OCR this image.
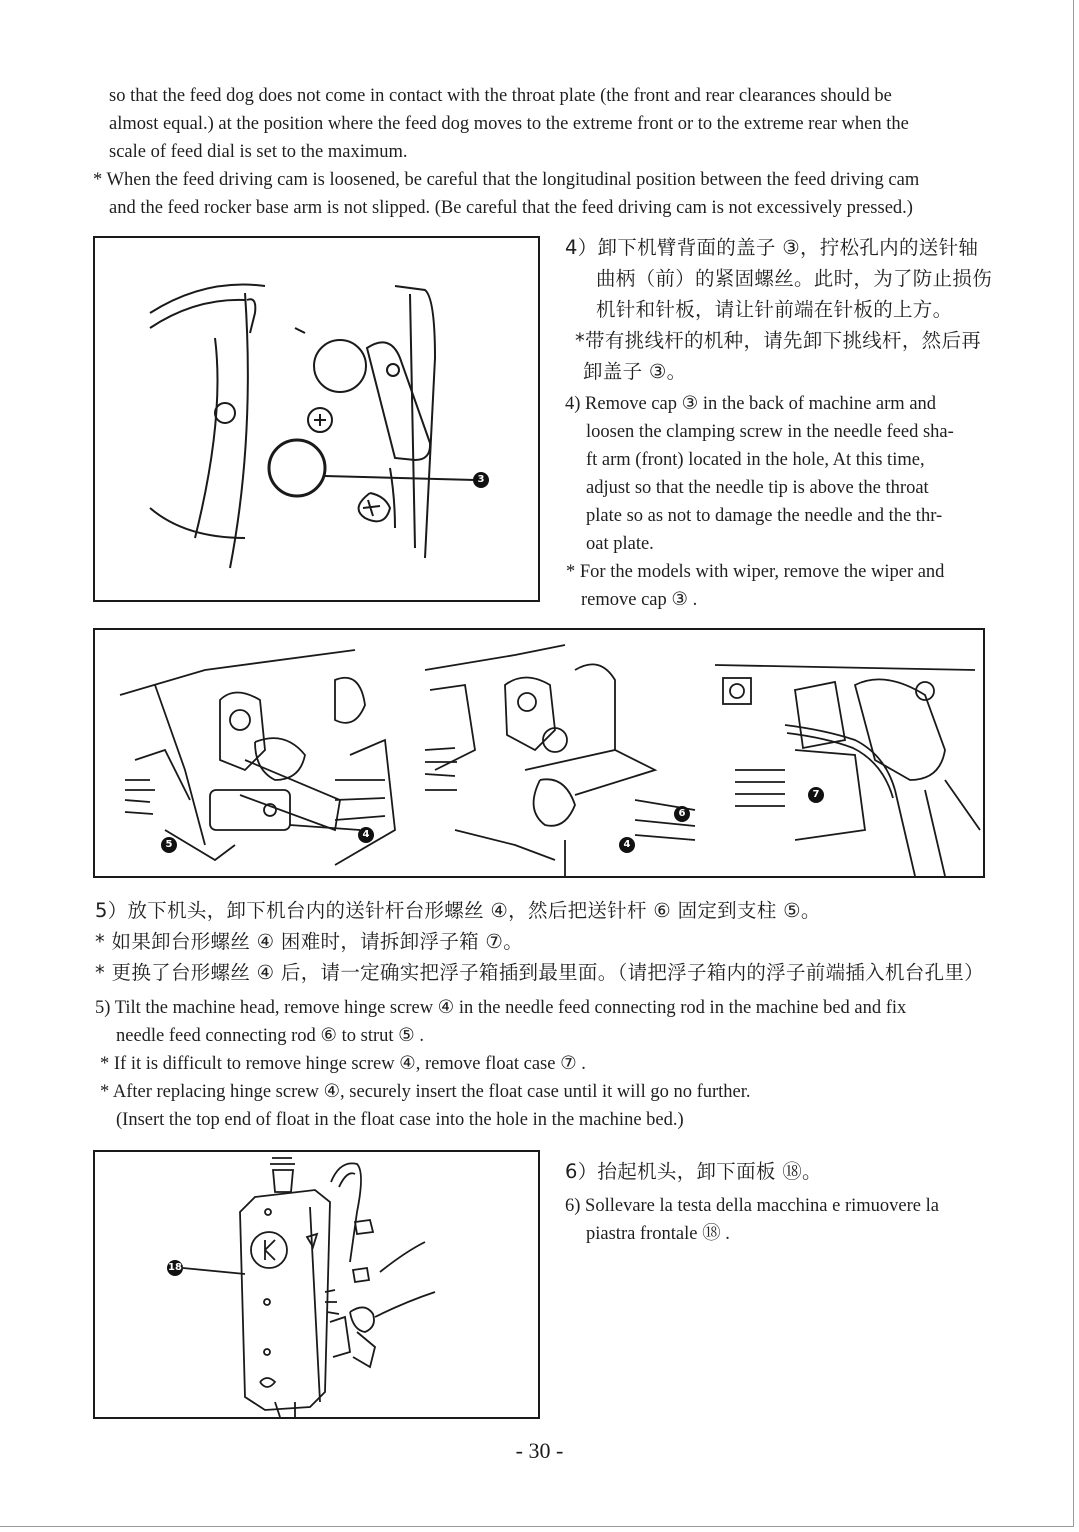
so that the feed dog does not come in contact with the throat plate (the front and rear clearances should be

almost equal.) at the position where the feed dog moves to the extreme front or to the extreme rear when the

scale of feed dial is set to the maximum.

* When the feed driving cam is loosened, be careful that the longitudinal position between the feed driving cam

and the feed rocker base arm is not slipped. (Be careful that the feed driving cam is not excessively pressed.)

3

4）卸下机臂背面的盖子 ③，拧松孔内的送针轴

曲柄（前）的紧固螺丝。此时，为了防止损伤

机针和针板，请让针前端在针板的上方。

*带有挑线杆的机种，请先卸下挑线杆，然后再

卸盖子 ③。

4) Remove cap ③ in the back of machine arm and

loosen the clamping screw in the needle feed sha-

ft arm (front) located in the hole, At this time,

adjust so that the needle tip is above the throat

plate so as not to damage the needle and the thr-

oat plate.

* For the models with wiper, remove the wiper and

remove cap ③ .

5
4
6
4
7

5）放下机头，卸下机台内的送针杆台形螺丝 ④，然后把送针杆 ⑥ 固定到支柱 ⑤。

* 如果卸台形螺丝 ④ 困难时，请拆卸浮子箱 ⑦。

* 更换了台形螺丝 ④ 后，请一定确实把浮子箱插到最里面。（请把浮子箱内的浮子前端插入机台孔里）

5) Tilt the machine head, remove hinge screw ④ in the needle feed connecting rod in the machine bed and fix

needle feed connecting rod ⑥ to strut ⑤ .

* If it is difficult to remove hinge screw ④, remove float case ⑦ .

* After replacing hinge screw ④, securely insert the float case until it will go no further.

(Insert the top end of float in the float case into the hole in the machine bed.)

18

6）抬起机头，卸下面板 ⑱。

6) Sollevare la testa della macchina e rimuovere la

piastra frontale ⑱ .

- 30 -
